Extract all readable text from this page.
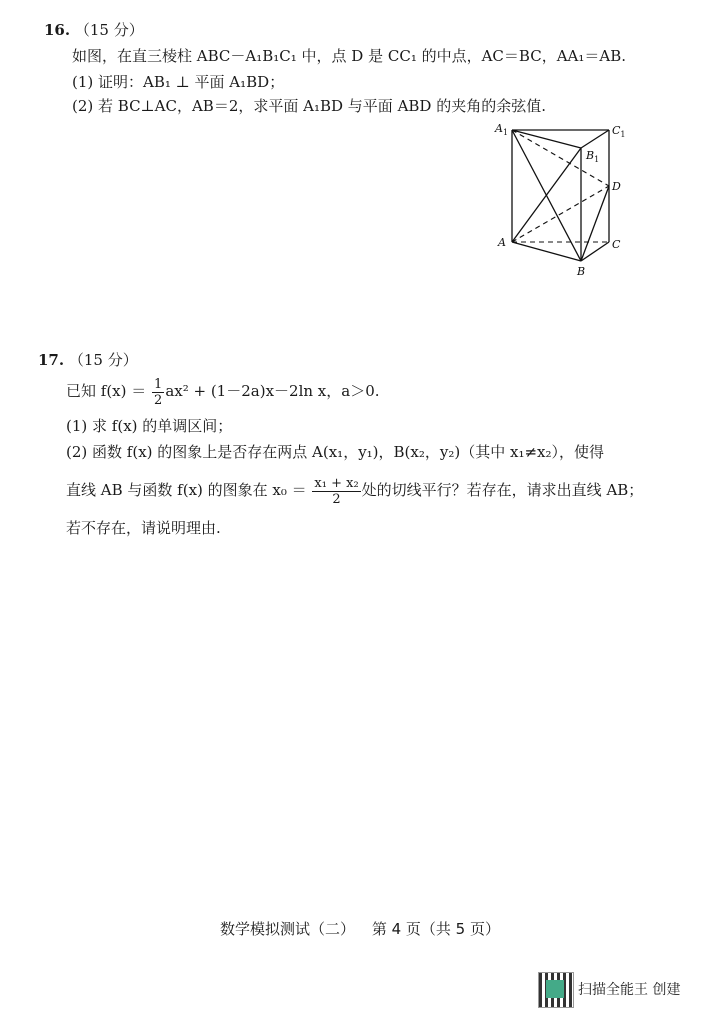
16. （15 分）
如图，在直三棱柱 ABC－A₁B₁C₁ 中，点 D 是 CC₁ 的中点，AC＝BC，AA₁＝AB.
(1) 证明：AB₁ ⊥ 平面 A₁BD；
(2) 若 BC⊥AC，AB＝2，求平面 A₁BD 与平面 ABD 的夹角的余弦值.
$A_1$	$C_1$
$B_1$
D
A	C
B
17. （15 分）
已知 $f(x) = \frac{1}{2} ax^2 + (1-2a)x-2\ln$ x，a＞0.
(1) 求 f(x) 的单调区间；
(2) 函数 f(x) 的图象上是否存在两点 A(x₁，y₁)，B(x₂，y₂)（其中 x₁≠x₂），使得
直线 AB 与函数 f(x) 的图象在 $x_0 = \frac{\text{x₁ + x₂}}{2}$ 处的切线平行？若存在，请求出直线 AB；
若不存在，请说明理由.
数学模拟测试（二） 第 4 页（共 5 页）
扫描全能王 创建
